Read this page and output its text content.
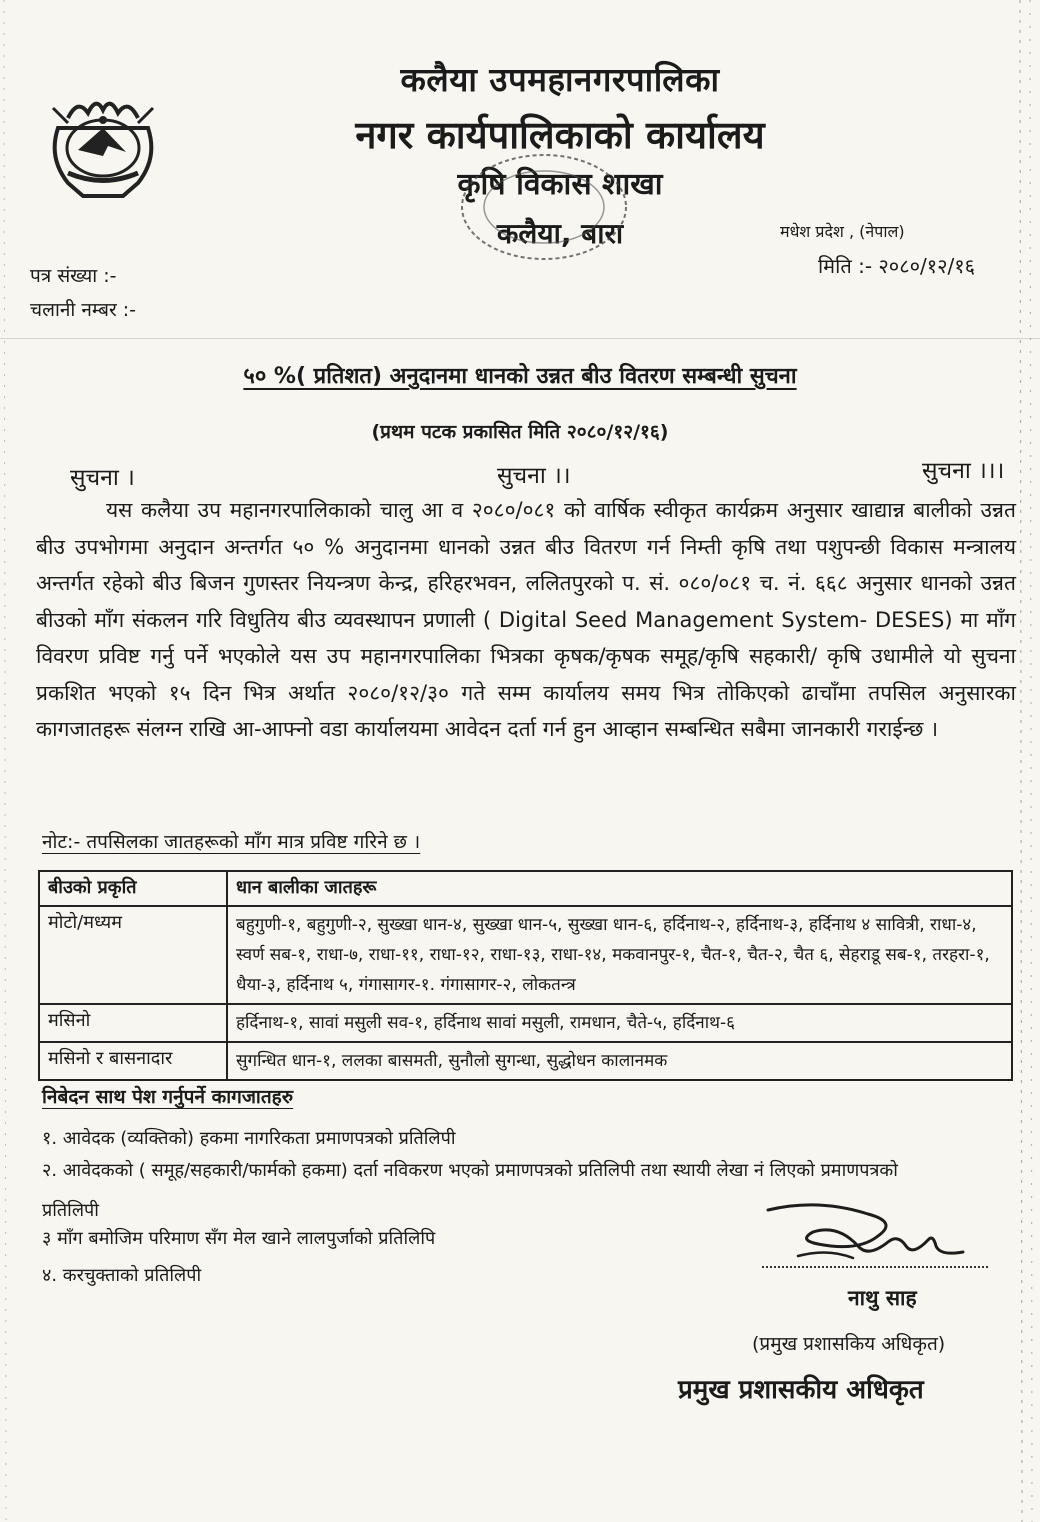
कलैया उपमहानगरपालिका
नगर कार्यपालिकाको कार्यालय
कृषि विकास शाखा
कलैया, बारा	मधेश प्रदेश , (नेपाल)
मिति :- २०८०/१२/१६
पत्र संख्या :-
चलानी नम्बर :-
५० %( प्रतिशत) अनुदानमा धानको उन्नत बीउ वितरण सम्बन्धी सुचना
(प्रथम पटक प्रकासित मिति २०८०/१२/१६)
सुचना ।	सुचना ।।	सुचना ।।।

यस कलैया उप महानगरपालिकाको चालु आ व २०८०/०८१ को वार्षिक स्वीकृत कार्यक्रम अनुसार खाद्यान्न बालीको उन्नत बीउ उपभोगमा अनुदान अन्तर्गत ५० % अनुदानमा धानको उन्नत बीउ वितरण गर्न निम्ती कृषि तथा पशुपन्छी विकास मन्त्रालय अन्तर्गत रहेको बीउ बिजन गुणस्तर नियन्त्रण केन्द्र, हरिहरभवन, ललितपुरको प. सं. ०८०/०८१ च. नं. ६६८ अनुसार धानको उन्नत बीउको माँग संकलन गरि विधुतिय बीउ व्यवस्थापन प्रणाली ( Digital Seed Management System- DESES) मा माँग विवरण प्रविष्ट गर्नु पर्ने भएकोले यस उप महानगरपालिका भित्रका कृषक/कृषक समूह/कृषि सहकारी/ कृषि उधामीले यो सुचना प्रकशित भएको १५ दिन भित्र अर्थात २०८०/१२/३० गते सम्म कार्यालय समय भित्र तोकिएको ढाचाँमा तपसिल अनुसारका कागजातहरू संलग्न राखि आ-आफ्नो वडा कार्यालयमा आवेदन दर्ता गर्न हुन आव्हान सम्बन्धित सबैमा जानकारी गराईन्छ ।

नोट:- तपसिलका जातहरूको माँग मात्र प्रविष्ट गरिने छ ।
बीउको प्रकृति	धान बालीका जातहरू
मोटो/मध्यम	बहुगुणी-१, बहुगुणी-२, सुख्खा धान-४, सुख्खा धान-५, सुख्खा धान-६, हर्दिनाथ-२, हर्दिनाथ-३, हर्दिनाथ ४ सावित्री, राधा-४, स्वर्ण सब-१, राधा-७, राधा-११, राधा-१२, राधा-१३, राधा-१४, मकवानपुर-१, चैत-१, चैत-२, चैत ६, सेहराडू सब-१, तरहरा-१, धैया-३, हर्दिनाथ ५, गंगासागर-१. गंगासागर-२, लोकतन्त्र
मसिनो	हर्दिनाथ-१, सावां मसुली सव-१, हर्दिनाथ सावां मसुली, रामधान, चैते-५, हर्दिनाथ-६
मसिनो र बासनादार	सुगन्धित धान-१, ललका बासमती, सुनौलो सुगन्धा, सुद्धोधन कालानमक
निबेदन साथ पेश गर्नुपर्ने कागजातहरु
१. आवेदक (व्यक्तिको) हकमा नागरिकता प्रमाणपत्रको प्रतिलिपी
२. आवेदकको ( समूह/सहकारी/फार्मको हकमा) दर्ता नविकरण भएको प्रमाणपत्रको प्रतिलिपी तथा स्थायी लेखा नं लिएको प्रमाणपत्रको
प्रतिलिपी
३ माँग बमोजिम परिमाण सँग मेल खाने लालपुर्जाको प्रतिलिपि
४. करचुक्ताको प्रतिलिपी
नाथु साह
(प्रमुख प्रशासकिय अधिकृत)
प्रमुख प्रशासकीय अधिकृत
